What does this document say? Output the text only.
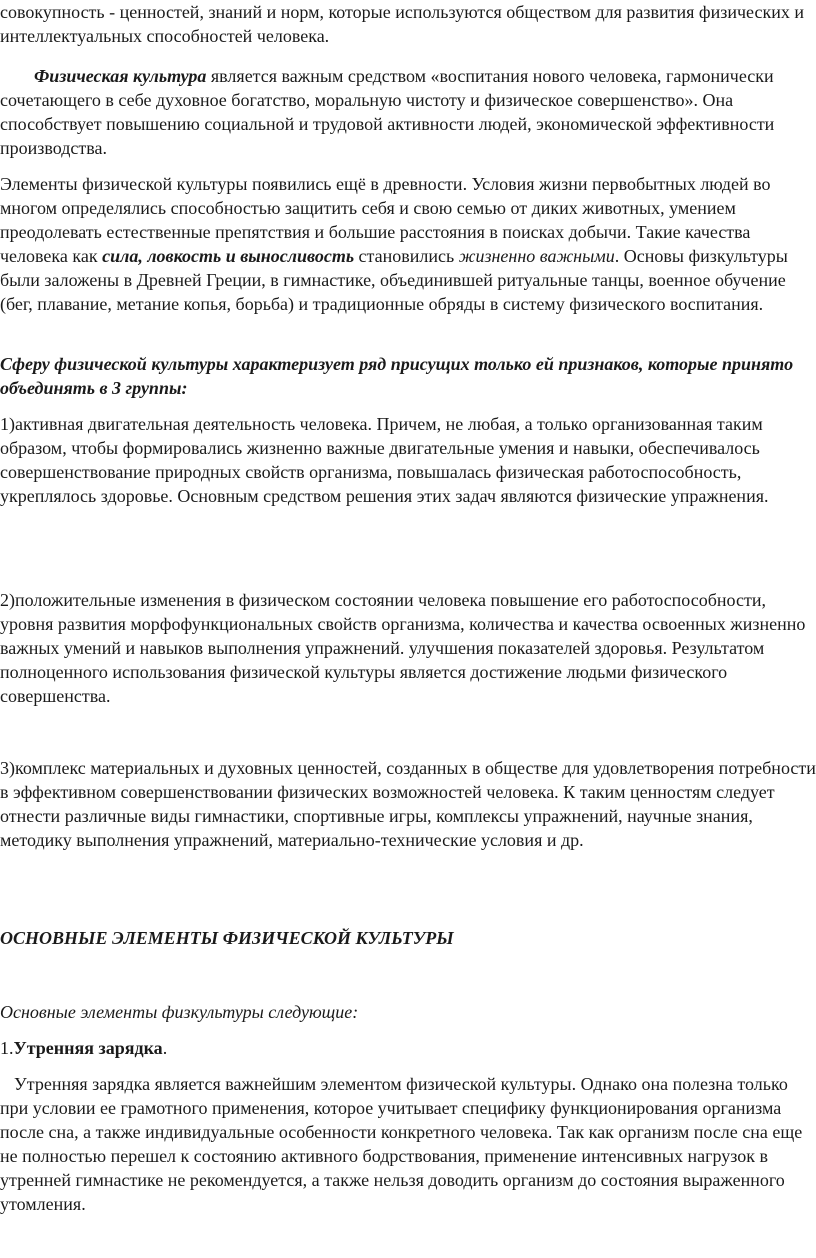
совокупность - ценностей, знаний и норм, которые используются обществом для развития физических и интеллектуальных способностей человека.

Физическая культура является важным средством «воспитания нового человека, гармонически сочетающего в себе духовное богатство, моральную чистоту и физическое совершенство». Она способствует повышению социальной и трудовой активности людей, экономической эффективности производства.

Элементы физической культуры появились ещё в древности. Условия жизни первобытных людей во многом определялись способностью защитить себя и свою семью от диких животных, умением преодолевать естественные препятствия и большие расстояния в поисках добычи. Такие качества человека как сила, ловкость и выносливость становились жизненно важными. Основы физкультуры были заложены в Древней Греции, в гимнастике, объединившей ритуальные танцы, военное обучение (бег, плавание, метание копья, борьба) и традиционные обряды в систему физического воспитания.

Сферу физической культуры характеризует ряд присущих только ей признаков, которые принято объединять в 3 группы:

1)активная двигательная деятельность человека. Причем, не любая, а только организованная таким образом, чтобы формировались жизненно важные двигательные умения и навыки, обеспечивалось совершенствование природных свойств организма, повышалась физическая работоспособность, укреплялось здоровье. Основным средством решения этих задач являются физические упражнения.

2)положительные изменения в физическом состоянии человека повышение его работоспособности, уровня развития морфофункциональных свойств организма, количества и качества освоенных жизненно важных умений и навыков выполнения упражнений. улучшения показателей здоровья. Результатом полноценного использования физической культуры является достижение людьми физического совершенства.

3)комплекс материальных и духовных ценностей, созданных в обществе для удовлетворения потребности в эффективном совершенствовании физических возможностей человека. К таким ценностям следует отнести различные виды гимнастики, спортивные игры, комплексы упражнений, научные знания, методику выполнения упражнений, материально-технические условия и др.

ОСНОВНЫЕ ЭЛЕМЕНТЫ ФИЗИЧЕСКОЙ КУЛЬТУРЫ

Основные элементы физкультуры следующие:

1.Утренняя зарядка.

Утренняя зарядка является важнейшим элементом физической культуры. Однако она полезна только при условии ее грамотного применения, которое учитывает специфику функционирования организма после сна, а также индивидуальные особенности конкретного человека. Так как организм после сна еще не полностью перешел к состоянию активного бодрствования, применение интенсивных нагрузок в утренней гимнастике не рекомендуется, а также нельзя доводить организм до состояния выраженного утомления.
